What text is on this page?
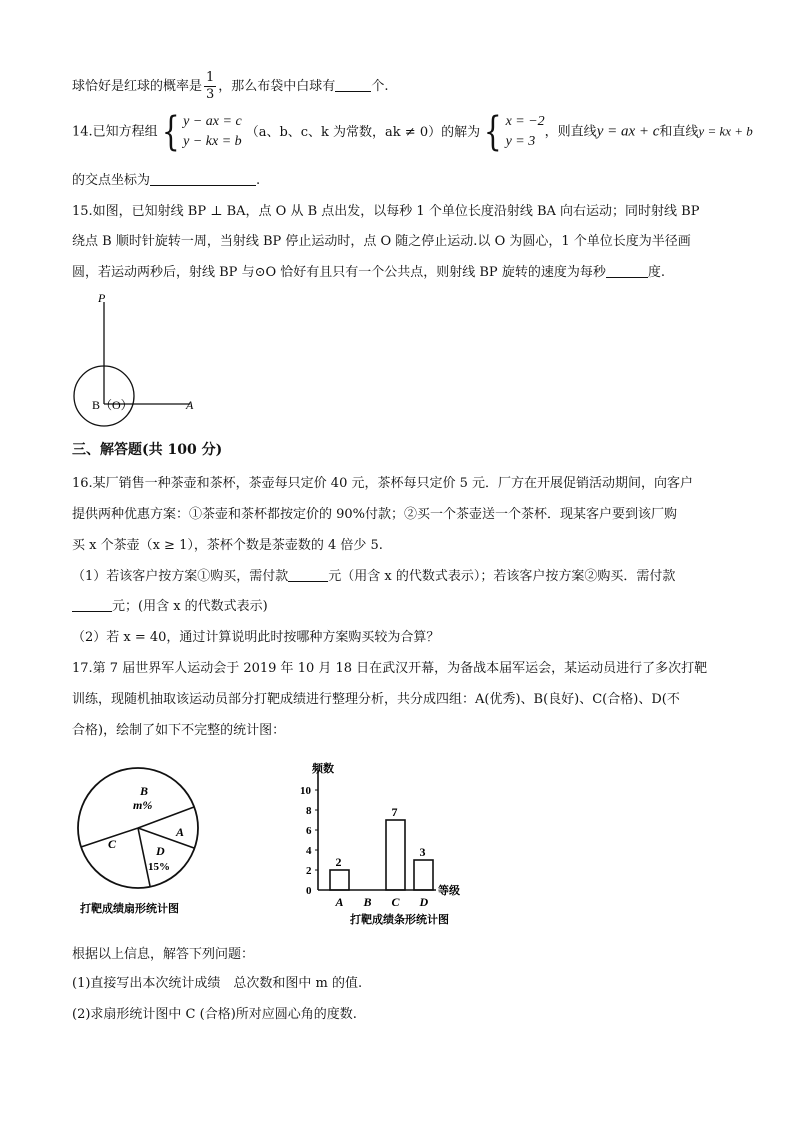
球恰好是红球的概率是 $\frac{1}{3}$ ，那么布袋中白球有	个.
14.已知方程组{ y − ax = c
y − kx = b
（a、b、c、k 为常数，ak ≠ 0）的解为{ x = −2
y = 3
，则直线y = ax + c和直线y = kx + b
的交点坐标为	.
15.如图，已知射线 BP ⊥ BA，点 O 从 B 点出发，以每秒 1 个单位长度沿射线 BA 向右运动；同时射线 BP
绕点 B 顺时针旋转一周，当射线 BP 停止运动时，点 O 随之停止运动.以 O 为圆心，1 个单位长度为半径画
圆，若运动两秒后，射线 BP 与⊙O 恰好有且只有一个公共点，则射线 BP 旋转的速度为每秒	度.
P
B（O）	A
三、解答题(共 100 分)
16.某厂销售一种茶壶和茶杯，茶壶每只定价 40 元，茶杯每只定价 5 元．厂方在开展促销活动期间，向客户
提供两种优惠方案：①茶壶和茶杯都按定价的 90%付款；②买一个茶壶送一个茶杯．现某客户要到该厂购
买 x 个茶壶（x ≥ 1），茶杯个数是茶壶数的 4 倍少 5.
（1）若该客户按方案①购买，需付款	元（用含 x 的代数式表示）；若该客户按方案②购买．需付款
元；(用含 x 的代数式表示)
（2）若 x = 40，通过计算说明此时按哪种方案购买较为合算？
17.第 7 届世界军人运动会于 2019 年 10 月 18 日在武汉开幕，为备战本届军运会，某运动员进行了多次打靶
训练，现随机抽取该运动员部分打靶成绩进行整理分析，共分成四组：A(优秀)、B(良好)、C(合格)、D(不
合格)，绘制了如下不完整的统计图：
B
m%
A
D
15%
C
打靶成绩扇形统计图
频数
等级
打靶成绩条形统计图
0
2
4
6
8
10
A
2
B C
7
D
3
根据以上信息，解答下列问题：
(1)直接写出本次统计成绩　总次数和图中 m 的值.
(2)求扇形统计图中 C (合格)所对应圆心角的度数.
